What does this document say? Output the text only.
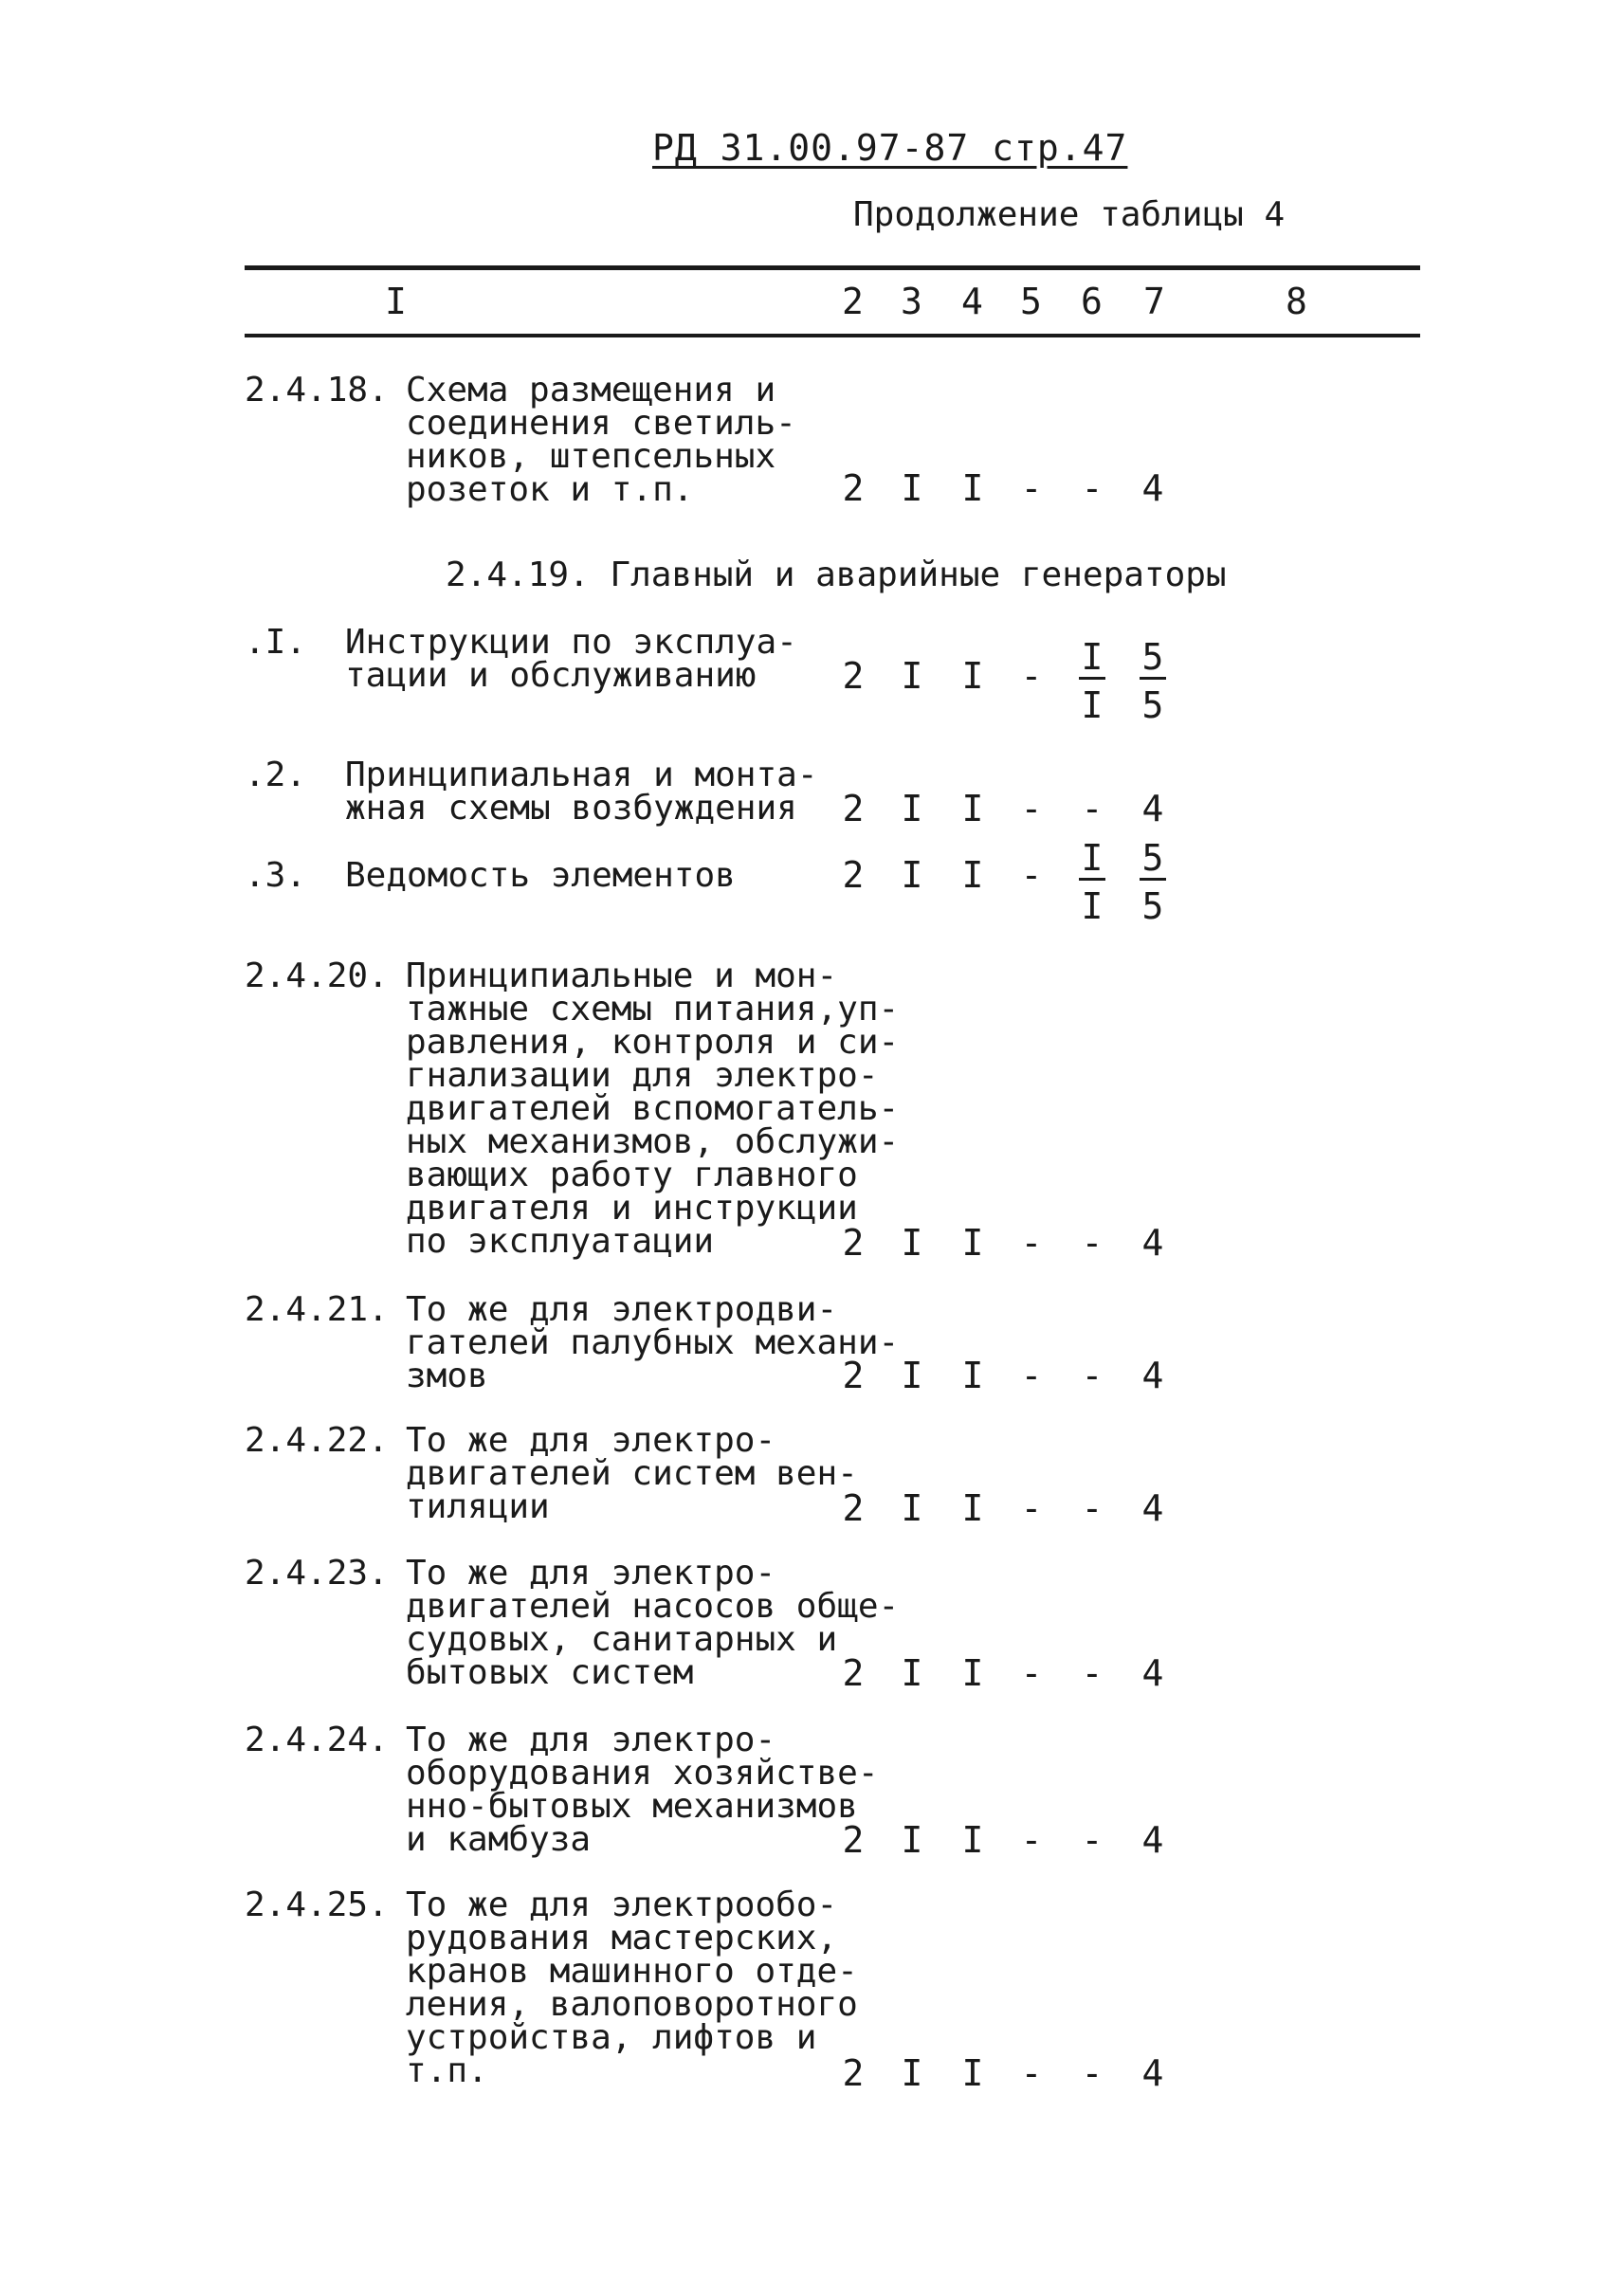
РД 31.00.97-87 стр.47
Продолжение таблицы 4
I	2 3 4 5 6 7	8
2.4.18. Схема размещения и
соединения светиль-
ников, штепсельных
розеток и т.п.	2 I I - - 4
2.4.19. Главный и аварийные генераторы
.I. Инструкции по эксплуа-
тации и обслуживанию	2 I I - $\frac{I}{I} \frac{5}{5}$
.2. Принципиальная и монта-
жная схемы возбуждения	2 I I - - 4
.3. Ведомость элементов	2 I I - $\frac{I}{I} \frac{5}{5}$
2.4.20. Принципиальные и мон-
тажные схемы питания,уп-
равления, контроля и си-
гнализации для электро-
двигателей вспомогатель-
ных механизмов, обслужи-
вающих работу главного
двигателя и инструкции
по эксплуатации	2 I I - - 4
2.4.21. То же для электродви-
гателей палубных механи-
змов	2 I I - - 4
2.4.22. То же для электро-
двигателей систем вен-
тиляции	2 I I - - 4
2.4.23. То же для электро-
двигателей насосов обще-
судовых, санитарных и
бытовых систем	2 I I - - 4
2.4.24. То же для электро-
оборудования хозяйстве-
нно-бытовых механизмов
и камбуза	2 I I - - 4
2.4.25. То же для электрообо-
рудования мастерских,
кранов машинного отде-
ления, валоповоротного
устройства, лифтов и
т.п.	2 I I - - 4
